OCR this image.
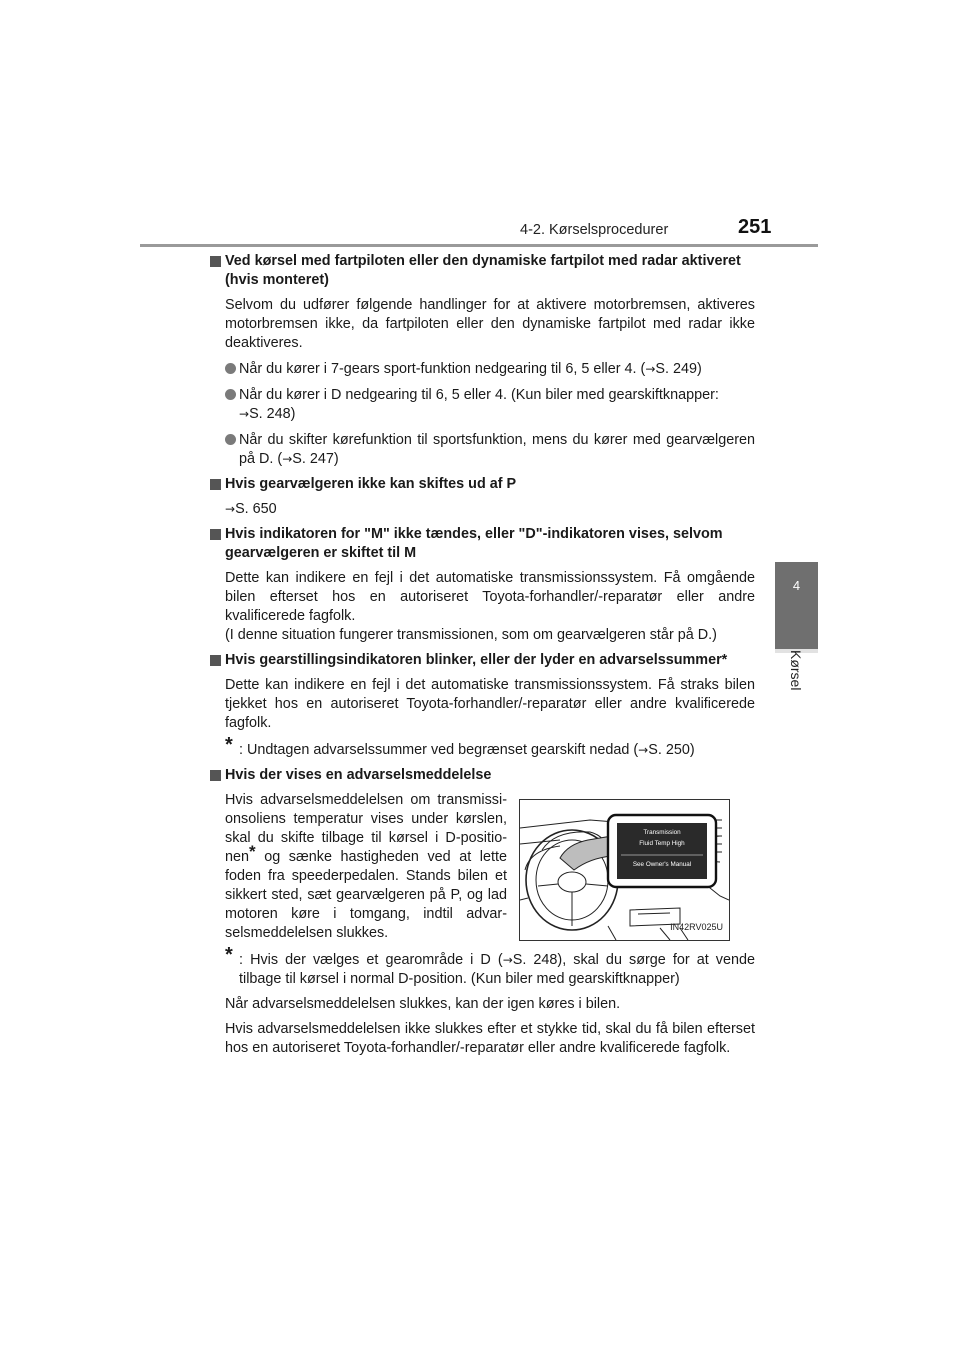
4-2. Kørselsprocedurer	251
4
Kørsel
Ved kørsel med fartpiloten eller den dynamiske fartpilot med radar aktiveret (hvis monteret)
Selvom du udfører følgende handlinger for at aktivere motorbremsen, aktiveres motorbremsen ikke, da fartpiloten eller den dynamiske fartpilot med radar ikke deaktiveres.
Når du kører i 7-gears sport-funktion nedgearing til 6, 5 eller 4. (→S. 249)
Når du kører i D nedgearing til 6, 5 eller 4. (Kun biler med gearskiftknapper:
→S. 248)
Når du skifter kørefunktion til sportsfunktion, mens du kører med gearvælgeren på D. (→S. 247)
Hvis gearvælgeren ikke kan skiftes ud af P
→S. 650
Hvis indikatoren for "M" ikke tændes, eller "D"-indikatoren vises, selvom gearvælgeren er skiftet til M
Dette kan indikere en fejl i det automatiske transmissionssystem. Få omgående bilen efterset hos en autoriseret Toyota-forhandler/-reparatør eller andre kvalificerede fagfolk.
(I denne situation fungerer transmissionen, som om gearvælgeren står på D.)
Hvis gearstillingsindikatoren blinker, eller der lyder en advarselssummer*
Dette kan indikere en fejl i det automatiske transmissionssystem. Få straks bilen tjekket hos en autoriseret Toyota-forhandler/-reparatør eller andre kvalificerede fagfolk.
* : Undtagen advarselssummer ved begrænset gearskift nedad (→S. 250)
Hvis der vises en advarselsmeddelelse
Hvis advarselsmeddelelsen om transmissionsoliens temperatur vises under kørslen, skal du skifte tilbage til kørsel i D-positionen* og sænke hastigheden ved at lette foden fra speederpedalen. Stands bilen et sikkert sted, sæt gearvælgeren på P, og lad motoren køre i tomgang, indtil advarselsmeddelelsen slukkes.
Transmission
Fluid Temp High
See Owner's Manual
IN42RV025U
* : Hvis der vælges et gearområde i D (→S. 248), skal du sørge for at vende tilbage til kørsel i normal D-position. (Kun biler med gearskiftknapper)
Når advarselsmeddelelsen slukkes, kan der igen køres i bilen.
Hvis advarselsmeddelelsen ikke slukkes efter et stykke tid, skal du få bilen efterset hos en autoriseret Toyota-forhandler/-reparatør eller andre kvalificerede fagfolk.
